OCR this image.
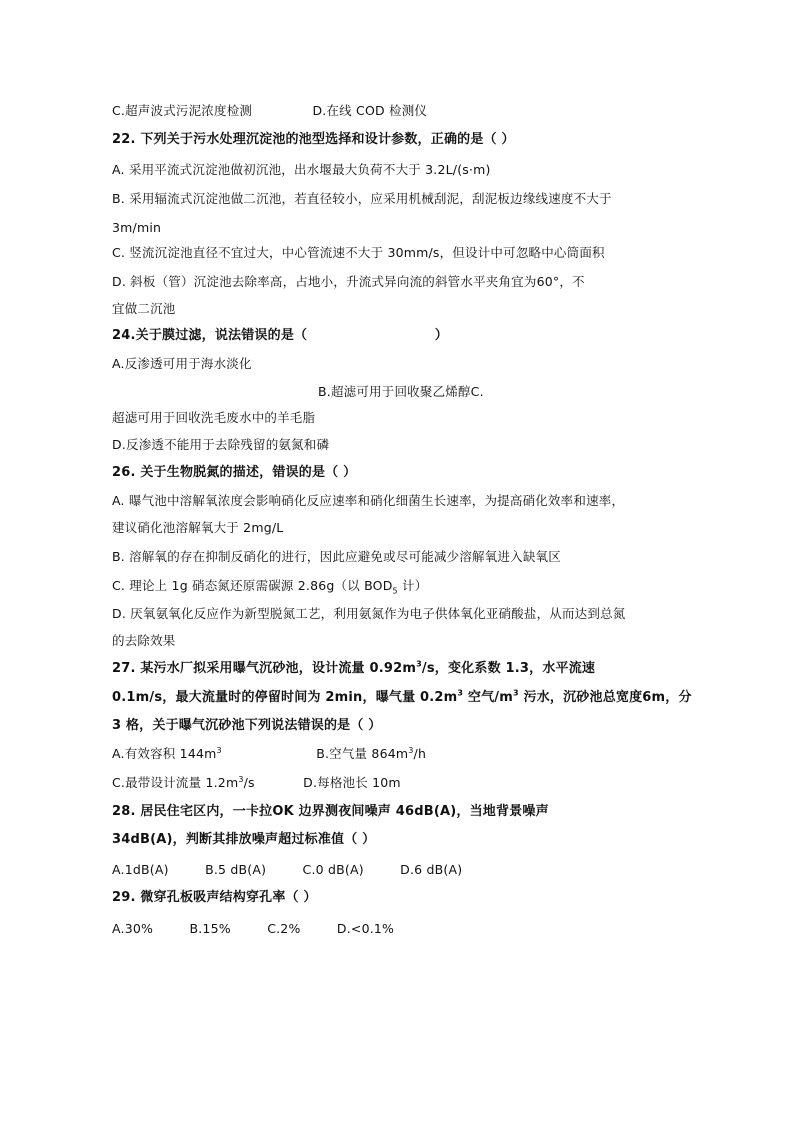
C.超声波式污泥浓度检测	D.在线 COD 检测仪
22. 下列关于污水处理沉淀池的池型选择和设计参数，正确的是（ ）
A. 采用平流式沉淀池做初沉池，出水堰最大负荷不大于 3.2L/(s·m)
B. 采用辐流式沉淀池做二沉池，若直径较小，应采用机械刮泥，刮泥板边缘线速度不大于
3m/min
C. 竖流沉淀池直径不宜过大，中心管流速不大于 30mm/s，但设计中可忽略中心筒面积
D. 斜板（管）沉淀池去除率高，占地小，升流式异向流的斜管水平夹角宜为60°，不
宜做二沉池
24.关于膜过滤，说法错误的是（	）
A.反渗透可用于海水淡化
B.超滤可用于回收聚乙烯醇C.
超滤可用于回收洗毛废水中的羊毛脂
D.反渗透不能用于去除残留的氨氮和磷
26. 关于生物脱氮的描述，错误的是（ ）
A. 曝气池中溶解氧浓度会影响硝化反应速率和硝化细菌生长速率，为提高硝化效率和速率，
建议硝化池溶解氧大于 2mg/L
B. 溶解氧的存在抑制反硝化的进行，因此应避免或尽可能减少溶解氧进入缺氧区
C. 理论上 1g 硝态氮还原需碳源 2.86g（以 $BOD_5$ 计）
D. 厌氧氨氧化反应作为新型脱氮工艺，利用氨氮作为电子供体氧化亚硝酸盐，从而达到总氮
的去除效果
27. 某污水厂拟采用曝气沉砂池，设计流量 $0.92m^3/s$，变化系数 1.3，水平流速
0.1m/s，最大流量时的停留时间为 2min，曝气量 $0.2m^3$ 空气$/m^3$ 污水，沉砂池总宽度6m，分
3 格，关于曝气沉砂池下列说法错误的是（ ）
A.有效容积 $144m^3$	B.空气量 $864m^3/h$
C.最带设计流量 $1.2m^3/s$	D.每格池长 10m
28. 居民住宅区内，一卡拉OK 边界测夜间噪声 46dB(A)，当地背景噪声
34dB(A)，判断其排放噪声超过标准值（ ）
A.1dB(A)	B.5 dB(A)	C.0 dB(A)	D.6 dB(A)
29. 微穿孔板吸声结构穿孔率（ ）
A.30%	B.15%	C.2%	D.<0.1%
